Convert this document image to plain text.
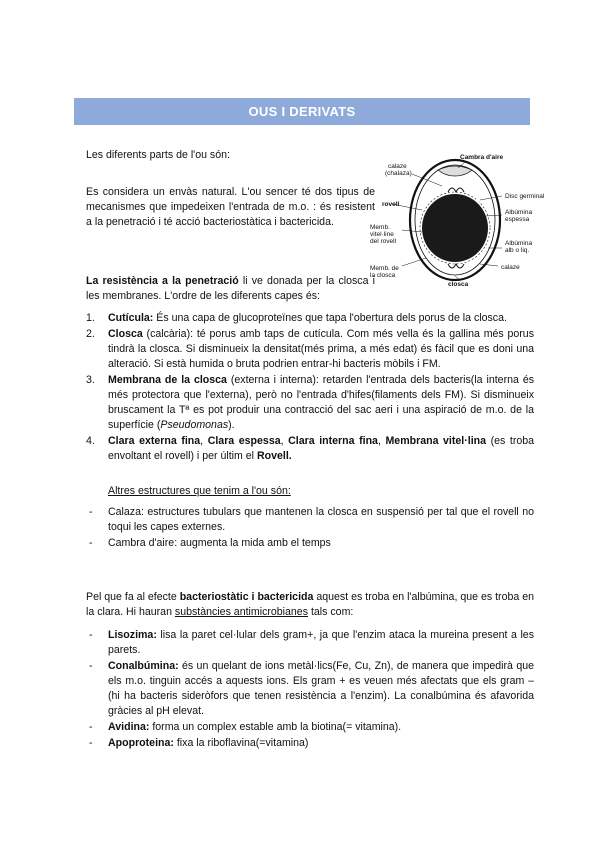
OUS I DERIVATS
Les diferents parts de l'ou són:
Es considera un envàs natural. L'ou sencer té dos tipus de mecanismes que impedeixen l'entrada de m.o. : és resistent a la penetració i té acció bacteriostàtica i bactericida.
La resistència a la penetració li ve donada per la closca i les membranes. L'ordre de les diferents capes és:
Cambra d'aire
calaze
(chalaza)
rovell
Disc germinal
Albúmina
espessa
Memb.
vitel·line
del rovell	Albúmina
alb o liq.
Memb. de
la closca
closca
calaze
1. Cutícula: És una capa de glucoproteïnes que tapa l'obertura dels porus de la closca.
2. Closca (calcària): té porus amb taps de cutícula. Com més vella és la gallina més porus tindrà la closca. Si disminueix la densitat(més prima, a més edat) és fàcil que es doni una alteració. Si està humida o bruta podrien entrar-hi bacteris mòbils i FM.
3. Membrana de la closca (externa i interna): retarden l'entrada dels bacteris(la interna és més protectora que l'externa), però no l'entrada d'hifes(filaments dels FM). Si disminueix bruscament la Tª es pot produir una contracció del sac aeri i una aspiració de m.o. de la superfície (Pseudomonas).
4. Clara externa fina, Clara espessa, Clara interna fina, Membrana vitel·lina (es troba envoltant el rovell) i per últim el Rovell.
Altres estructures que tenim a l'ou són:
- Calaza: estructures tubulars que mantenen la closca en suspensió per tal que el rovell no toqui les capes externes.
- Cambra d'aire: augmenta la mida amb el temps
Pel que fa al efecte bacteriostàtic i bactericida aquest es troba en l'albúmina, que es troba en la clara. Hi hauran substàncies antimicrobianes tals com:
- Lisozima: lisa la paret cel·lular dels gram+, ja que l'enzim ataca la mureina present a les parets.
- Conalbúmina: és un quelant de ions metàl·lics(Fe, Cu, Zn), de manera que impedirà que els m.o. tinguin accés a aquests ions. Els gram + es veuen més afectats que els gram – (hi ha bacteris sideròfors que tenen resistència a l'enzim). La conalbúmina és afavorida gràcies al pH elevat.
- Avidina: forma un complex estable amb la biotina(= vitamina).
- Apoproteina: fixa la riboflavina(=vitamina)
